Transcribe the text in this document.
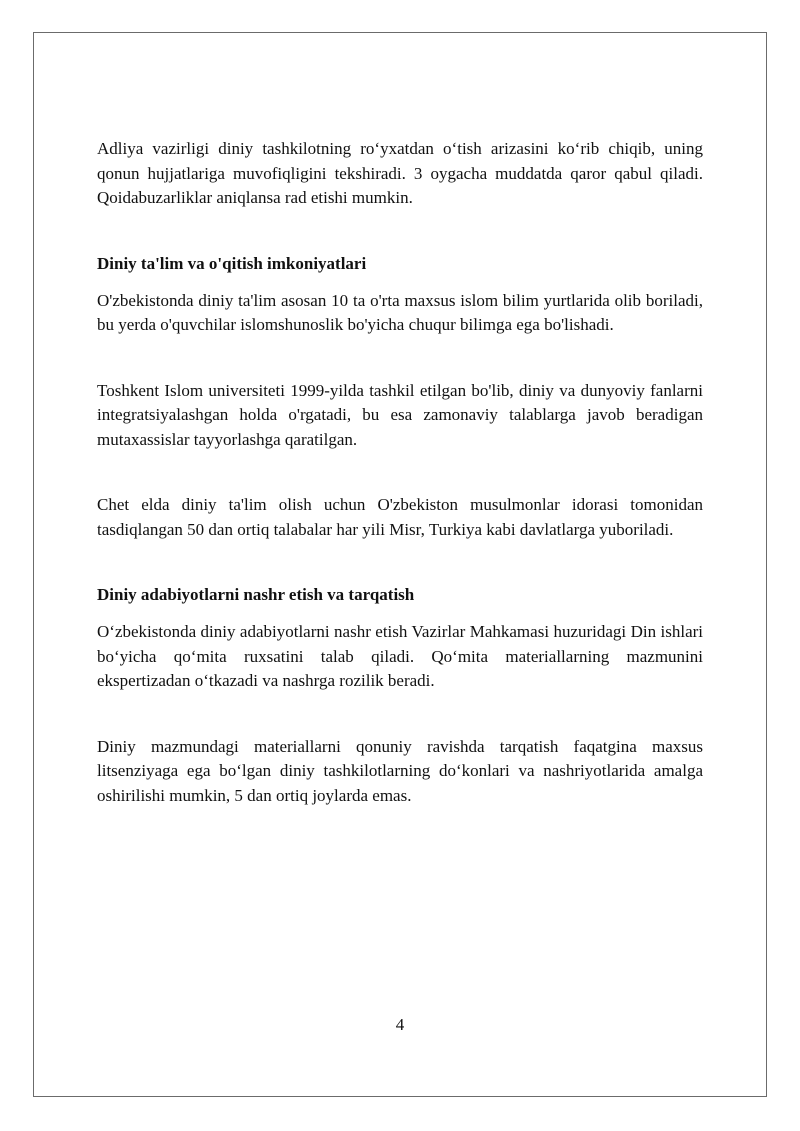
Adliya vazirligi diniy tashkilotning ro‘yxatdan o‘tish arizasini ko‘rib chiqib, uning qonun hujjatlariga muvofiqligini tekshiradi. 3 oygacha muddatda qaror qabul qiladi. Qoidabuzarliklar aniqlansa rad etishi mumkin.

Diniy ta'lim va o'qitish imkoniyatlari

O'zbekistonda diniy ta'lim asosan 10 ta o'rta maxsus islom bilim yurtlarida olib boriladi, bu yerda o'quvchilar islomshunoslik bo'yicha chuqur bilimga ega bo'lishadi.

Toshkent Islom universiteti 1999-yilda tashkil etilgan bo'lib, diniy va dunyoviy fanlarni integratsiyalashgan holda o'rgatadi, bu esa zamonaviy talablarga javob beradigan mutaxassislar tayyorlashga qaratilgan.

Chet elda diniy ta'lim olish uchun O'zbekiston musulmonlar idorasi tomonidan tasdiqlangan 50 dan ortiq talabalar har yili Misr, Turkiya kabi davlatlarga yuboriladi.

Diniy adabiyotlarni nashr etish va tarqatish

O‘zbekistonda diniy adabiyotlarni nashr etish Vazirlar Mahkamasi huzuridagi Din ishlari bo‘yicha qo‘mita ruxsatini talab qiladi. Qo‘mita materiallarning mazmunini ekspertizadan o‘tkazadi va nashrga rozilik beradi.

Diniy mazmundagi materiallarni qonuniy ravishda tarqatish faqatgina maxsus litsenziyaga ega bo‘lgan diniy tashkilotlarning do‘konlari va nashriyotlarida amalga oshirilishi mumkin, 5 dan ortiq joylarda emas.

4
